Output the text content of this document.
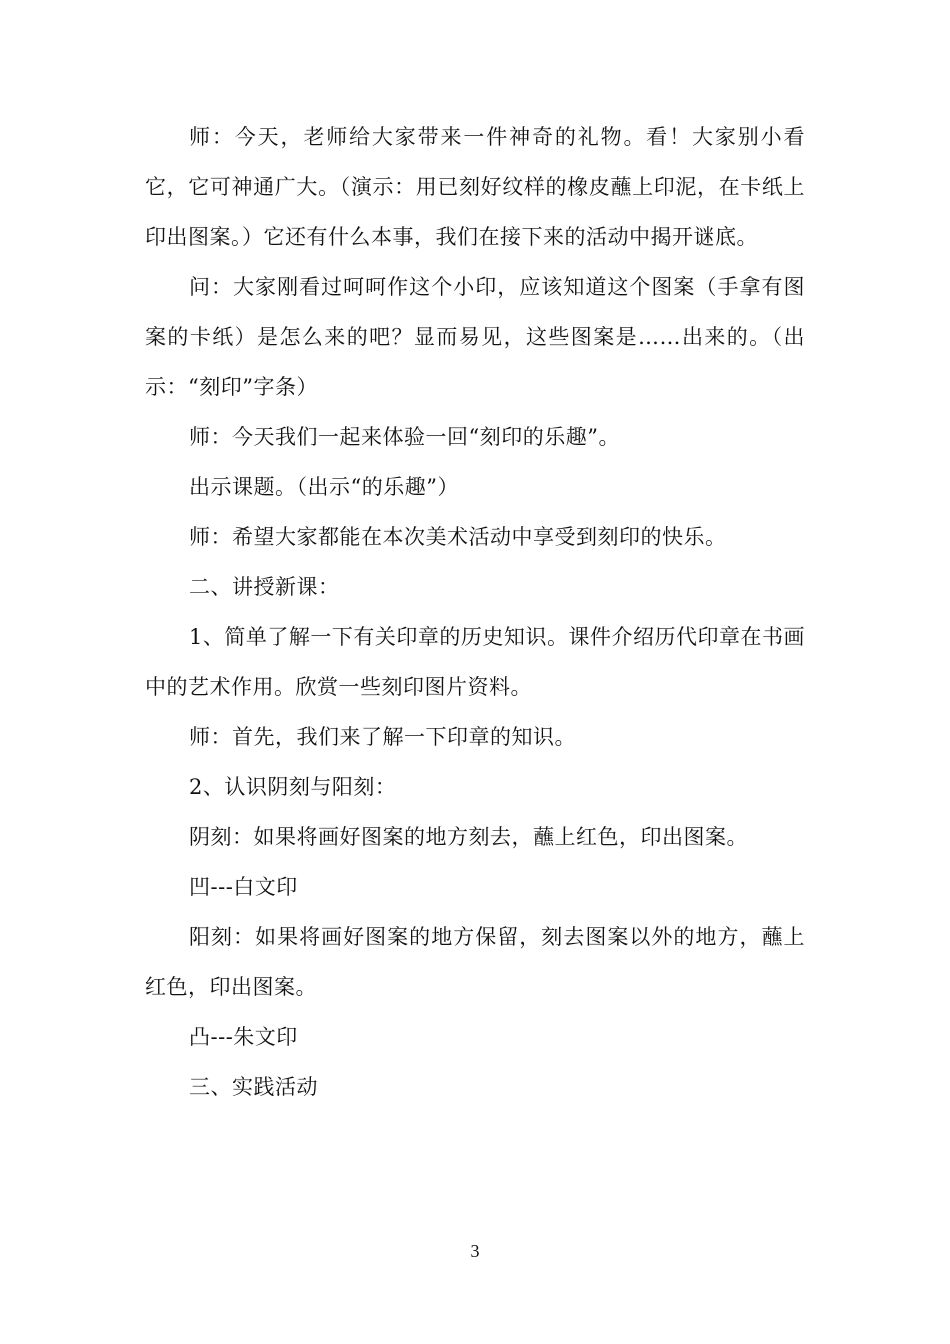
师：今天，老师给大家带来一件神奇的礼物。看！大家别小看它，它可神通广大。（演示：用已刻好纹样的橡皮蘸上印泥，在卡纸上印出图案。）它还有什么本事，我们在接下来的活动中揭开谜底。

问：大家刚看过呵呵作这个小印，应该知道这个图案（手拿有图案的卡纸）是怎么来的吧？显而易见，这些图案是……出来的。（出示：“刻印”字条）

师：今天我们一起来体验一回“刻印的乐趣”。

出示课题。（出示“的乐趣”）

师：希望大家都能在本次美术活动中享受到刻印的快乐。

二、讲授新课：

1、简单了解一下有关印章的历史知识。课件介绍历代印章在书画中的艺术作用。欣赏一些刻印图片资料。

师：首先，我们来了解一下印章的知识。

2、认识阴刻与阳刻：

阴刻：如果将画好图案的地方刻去，蘸上红色，印出图案。

凹---白文印

阳刻：如果将画好图案的地方保留，刻去图案以外的地方，蘸上红色，印出图案。

凸---朱文印

三、实践活动

3
